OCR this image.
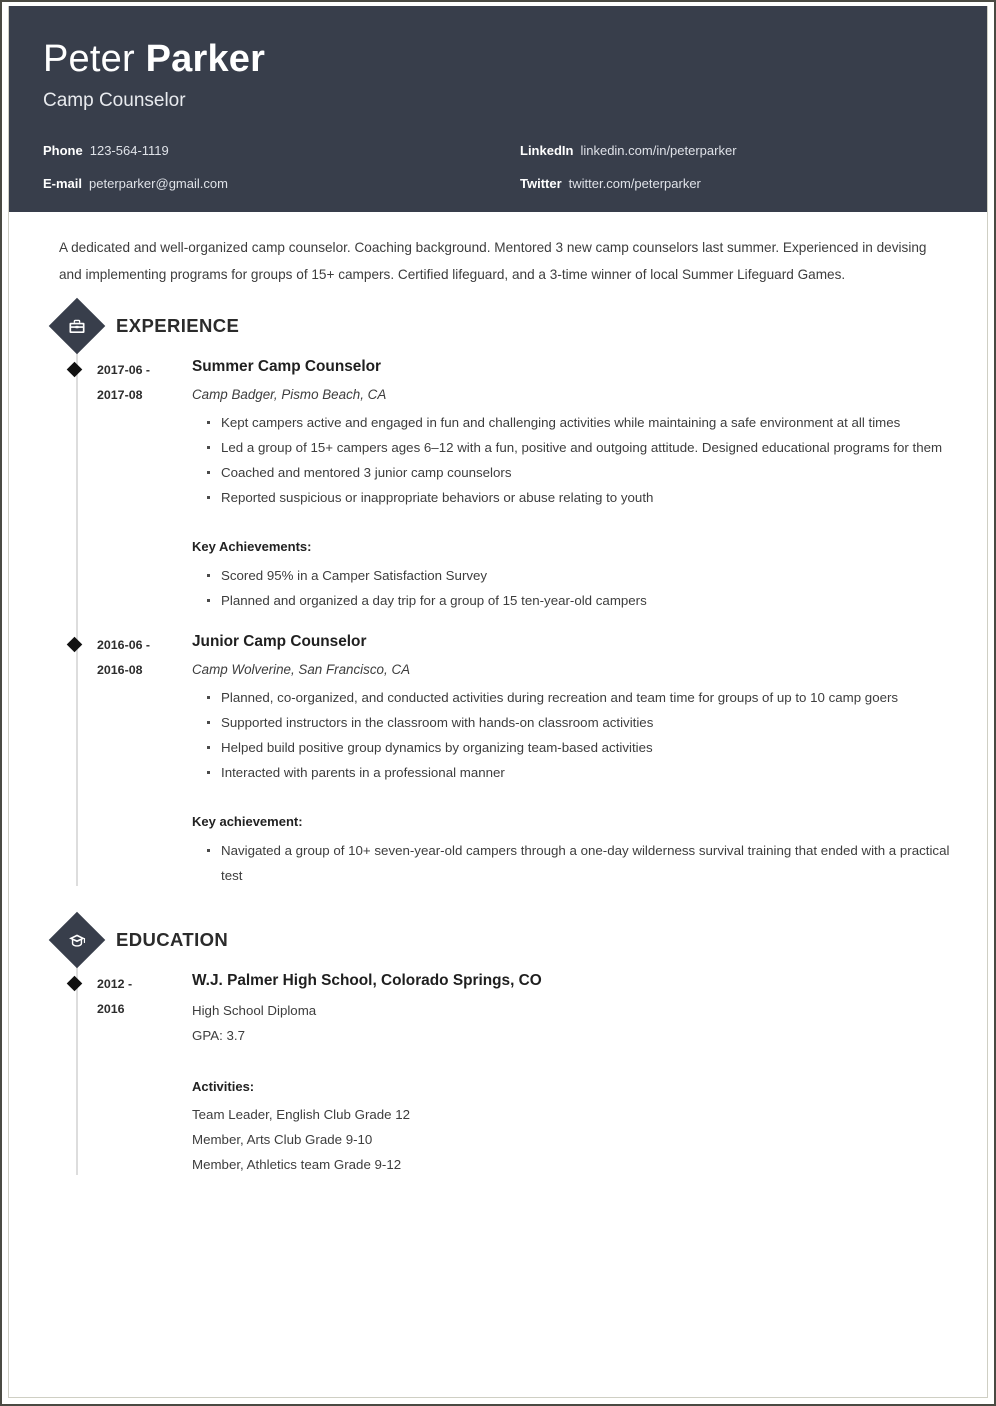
Peter Parker
Camp Counselor
Phone 123-564-1119
E-mail peterparker@gmail.com
LinkedIn linkedin.com/in/peterparker
Twitter twitter.com/peterparker

A dedicated and well-organized camp counselor. Coaching background. Mentored 3 new camp counselors last summer. Experienced in devising and implementing programs for groups of 15+ campers. Certified lifeguard, and a 3-time winner of local Summer Lifeguard Games.

EXPERIENCE
2017-06 -
2017-08
Summer Camp Counselor
Camp Badger, Pismo Beach, CA
Kept campers active and engaged in fun and challenging activities while maintaining a safe environment at all times
Led a group of 15+ campers ages 6–12 with a fun, positive and outgoing attitude. Designed educational programs for them
Coached and mentored 3 junior camp counselors
Reported suspicious or inappropriate behaviors or abuse relating to youth
Key Achievements:
Scored 95% in a Camper Satisfaction Survey
Planned and organized a day trip for a group of 15 ten-year-old campers
2016-06 -
2016-08
Junior Camp Counselor
Camp Wolverine, San Francisco, CA
Planned, co-organized, and conducted activities during recreation and team time for groups of up to 10 camp goers
Supported instructors in the classroom with hands-on classroom activities
Helped build positive group dynamics by organizing team-based activities
Interacted with parents in a professional manner
Key achievement:
Navigated a group of 10+ seven-year-old campers through a one-day wilderness survival training that ended with a practical test
EDUCATION
2012 -
2016
W.J. Palmer High School, Colorado Springs, CO
High School Diploma
GPA: 3.7
Activities:
Team Leader, English Club Grade 12
Member, Arts Club Grade 9-10
Member, Athletics team Grade 9-12
